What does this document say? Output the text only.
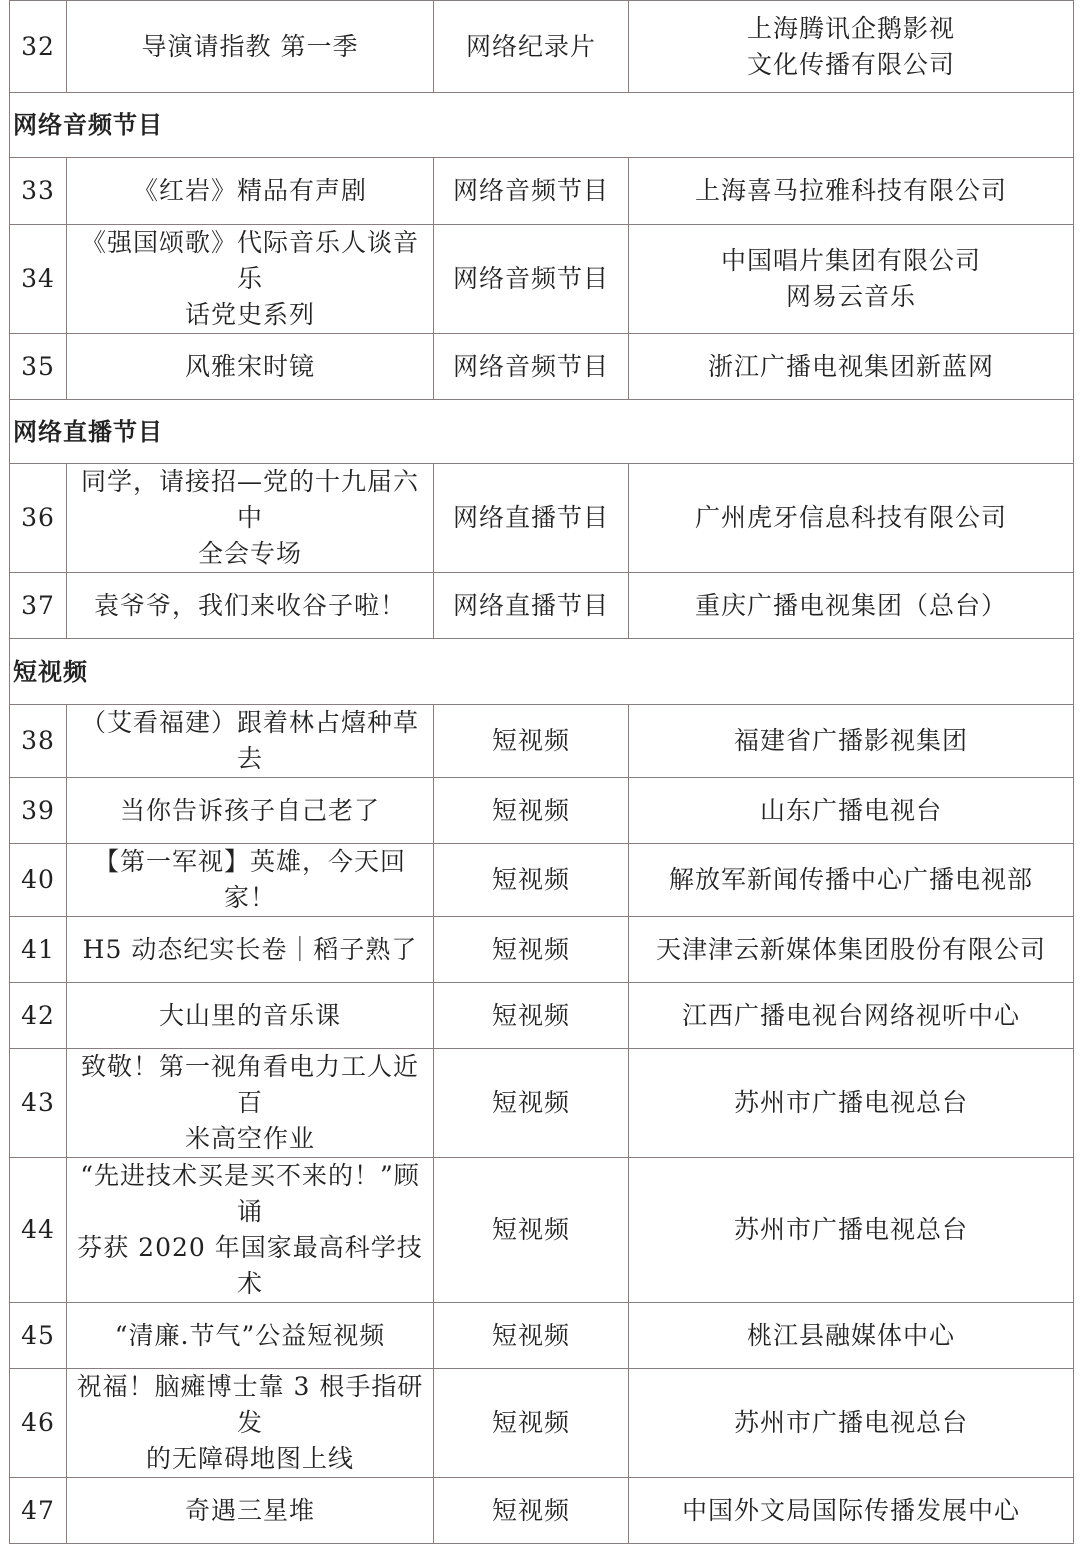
32	导演请指教 第一季	网络纪录片	上海腾讯企鹅影视
文化传播有限公司

网络音频节目			
33	《红岩》精品有声剧	网络音频节目	上海喜马拉雅科技有限公司

34	《强国颂歌》代际音乐人谈音乐
话党史系列	网络音频节目	中国唱片集团有限公司
网易云音乐

35	风雅宋时镜	网络音频节目	浙江广播电视集团新蓝网

网络直播节目			
36	同学，请接招—党的十九届六中
全会专场	网络直播节目	广州虎牙信息科技有限公司

37	袁爷爷，我们来收谷子啦！	网络直播节目	重庆广播电视集团（总台）

短视频			
38	（艾看福建）跟着林占熺种草去	短视频	福建省广播影视集团

39	当你告诉孩子自己老了	短视频	山东广播电视台

40	【第一军视】英雄，今天回家！	短视频	解放军新闻传播中心广播电视部

41	H5 动态纪实长卷｜稻子熟了	短视频	天津津云新媒体集团股份有限公司

42	大山里的音乐课	短视频	江西广播电视台网络视听中心

43	致敬！第一视角看电力工人近百
米高空作业	短视频	苏州市广播电视总台

44	“先进技术买是买不来的！”顾诵
芬获 2020 年国家最高科学技术	短视频	苏州市广播电视总台

45	“清廉.节气”公益短视频	短视频	桃江县融媒体中心

46	祝福！脑瘫博士靠 3 根手指研发
的无障碍地图上线	短视频	苏州市广播电视总台

47	奇遇三星堆	短视频	中国外文局国际传播发展中心
